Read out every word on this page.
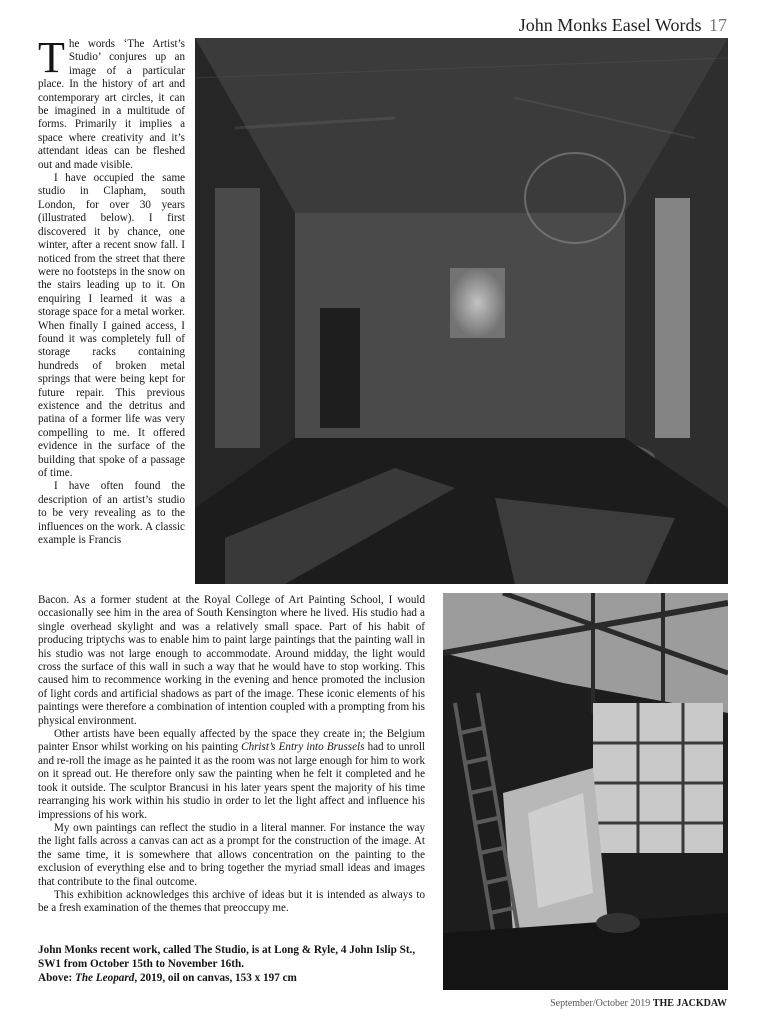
John Monks Easel Words 17

The words ‘The Artist’s Studio’ conjures up an image of a particular place. In the history of art and contemporary art circles, it can be imagined in a multitude of forms. Primarily it implies a space where creativity and it’s attendant ideas can be fleshed out and made visible.

I have occupied the same studio in Clapham, south London, for over 30 years (illustrated below). I first discovered it by chance, one winter, after a recent snow fall. I noticed from the street that there were no footsteps in the snow on the stairs leading up to it. On enquiring I learned it was a storage space for a metal worker. When finally I gained access, I found it was completely full of storage racks containing hundreds of broken metal springs that were being kept for future repair. This previous existence and the detritus and patina of a former life was very compelling to me. It offered evidence in the surface of the building that spoke of a passage of time.

I have often found the description of an artist’s studio to be very revealing as to the influences on the work. A classic example is Francis

Bacon. As a former student at the Royal College of Art Painting School, I would occasionally see him in the area of South Kensington where he lived. His studio had a single overhead skylight and was a relatively small space. Part of his habit of producing triptychs was to enable him to paint large paintings that the painting wall in his studio was not large enough to accommodate. Around midday, the light would cross the surface of this wall in such a way that he would have to stop working. This caused him to recommence working in the evening and hence promoted the inclusion of light cords and artificial shadows as part of the image. These iconic elements of his paintings were therefore a combination of intention coupled with a prompting from his physical environment.

Other artists have been equally affected by the space they create in; the Belgium painter Ensor whilst working on his painting Christ’s Entry into Brussels had to unroll and re-roll the image as he painted it as the room was not large enough for him to work on it spread out. He therefore only saw the painting when he felt it completed and he took it outside. The sculptor Brancusi in his later years spent the majority of his time rearranging his work within his studio in order to let the light affect and influence his impressions of his work.

My own paintings can reflect the studio in a literal manner. For instance the way the light falls across a canvas can act as a prompt for the construction of the image. At the same time, it is somewhere that allows concentration on the painting to the exclusion of everything else and to bring together the myriad small ideas and images that contribute to the final outcome.

This exhibition acknowledges this archive of ideas but it is intended as always to be a fresh examination of the themes that preoccupy me.

John Monks recent work, called The Studio, is at Long & Ryle, 4 John Islip St., SW1 from October 15th to November 16th.
Above: The Leopard, 2019, oil on canvas, 153 x 197 cm
September/October 2019 THE JACKDAW
